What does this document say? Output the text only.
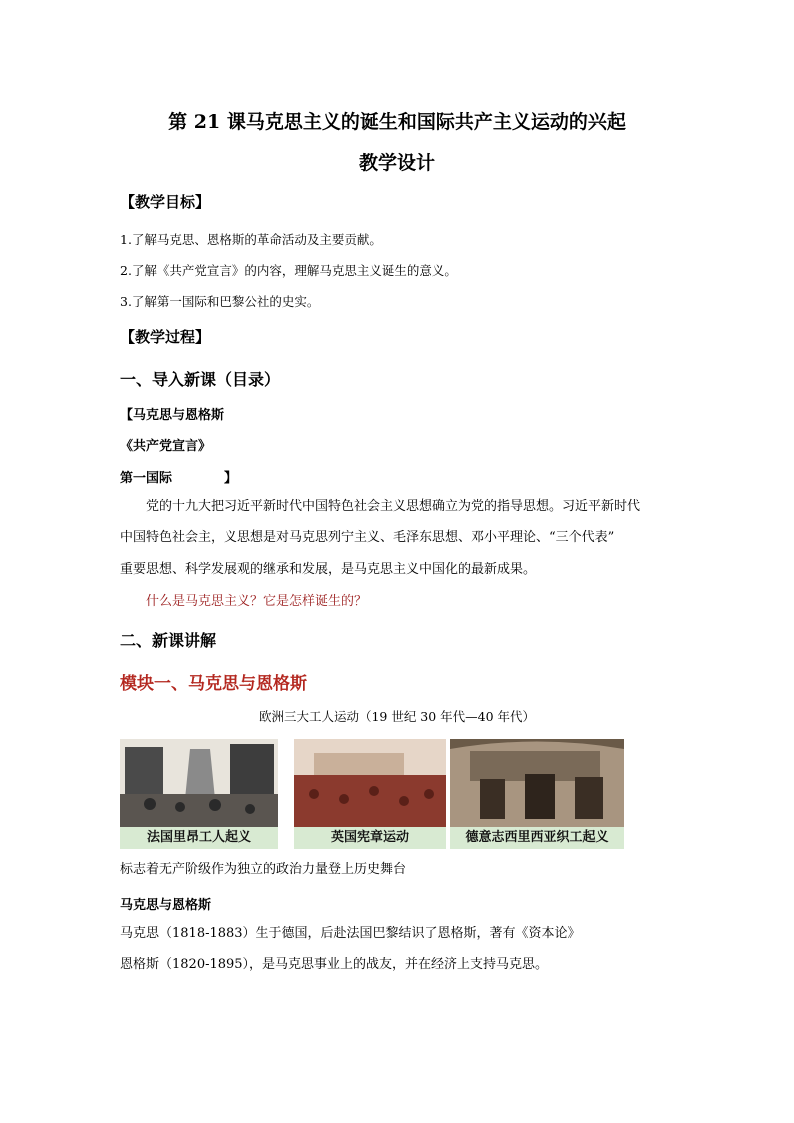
第 21 课马克思主义的诞生和国际共产主义运动的兴起
教学设计
【教学目标】
1.了解马克思、恩格斯的革命活动及主要贡献。
2.了解《共产党宣言》的内容，理解马克思主义诞生的意义。
3.了解第一国际和巴黎公社的史实。
【教学过程】
一、导入新课（目录）
【马克思与恩格斯
《共产党宣言》
第一国际	】
党的十九大把习近平新时代中国特色社会主义思想确立为党的指导思想。习近平新时代
中国特色社会主，义思想是对马克思列宁主义、毛泽东思想、邓小平理论、“三个代表”
重要思想、科学发展观的继承和发展，是马克思主义中国化的最新成果。
什么是马克思主义？它是怎样诞生的？
二、新课讲解
模块一、马克思与恩格斯
欧洲三大工人运动（19 世纪 30 年代—40 年代）
法国里昂工人起义	英国宪章运动	德意志西里西亚织工起义
标志着无产阶级作为独立的政治力量登上历史舞台
马克思与恩格斯
马克思（1818-1883）生于德国，后赴法国巴黎结识了恩格斯，著有《资本论》
恩格斯（1820-1895），是马克思事业上的战友，并在经济上支持马克思。
